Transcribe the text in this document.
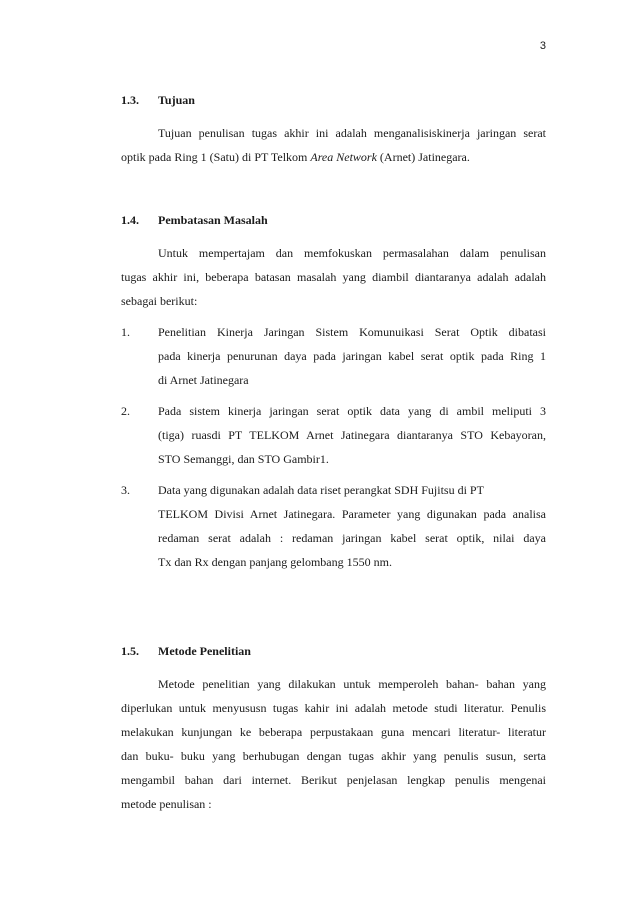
3
1.3. Tujuan
Tujuan penulisan tugas akhir ini adalah menganalisiskinerja jaringan serat
optik pada Ring 1 (Satu) di PT Telkom Area Network (Arnet) Jatinegara.
1.4. Pembatasan Masalah
Untuk mempertajam dan memfokuskan permasalahan dalam penulisan
tugas akhir ini, beberapa batasan masalah yang diambil diantaranya adalah adalah
sebagai berikut:
1. Penelitian Kinerja Jaringan Sistem Komunuikasi Serat Optik dibatasi
pada kinerja penurunan daya pada jaringan kabel serat optik pada Ring 1
di Arnet Jatinegara
2. Pada sistem kinerja jaringan serat optik data yang di ambil meliputi 3
(tiga) ruasdi PT TELKOM Arnet Jatinegara diantaranya STO Kebayoran,
STO Semanggi, dan STO Gambir1.
3. Data yang digunakan adalah data riset perangkat SDH Fujitsu di PT
TELKOM Divisi Arnet Jatinegara. Parameter yang digunakan pada analisa
redaman serat adalah : redaman jaringan kabel serat optik, nilai daya
Tx dan Rx dengan panjang gelombang 1550 nm.
1.5. Metode Penelitian
Metode penelitian yang dilakukan untuk memperoleh bahan- bahan yang
diperlukan untuk menyususn tugas kahir ini adalah metode studi literatur. Penulis
melakukan kunjungan ke beberapa perpustakaan guna mencari literatur- literatur
dan buku- buku yang berhubugan dengan tugas akhir yang penulis susun, serta
mengambil bahan dari internet. Berikut penjelasan lengkap penulis mengenai
metode penulisan :
